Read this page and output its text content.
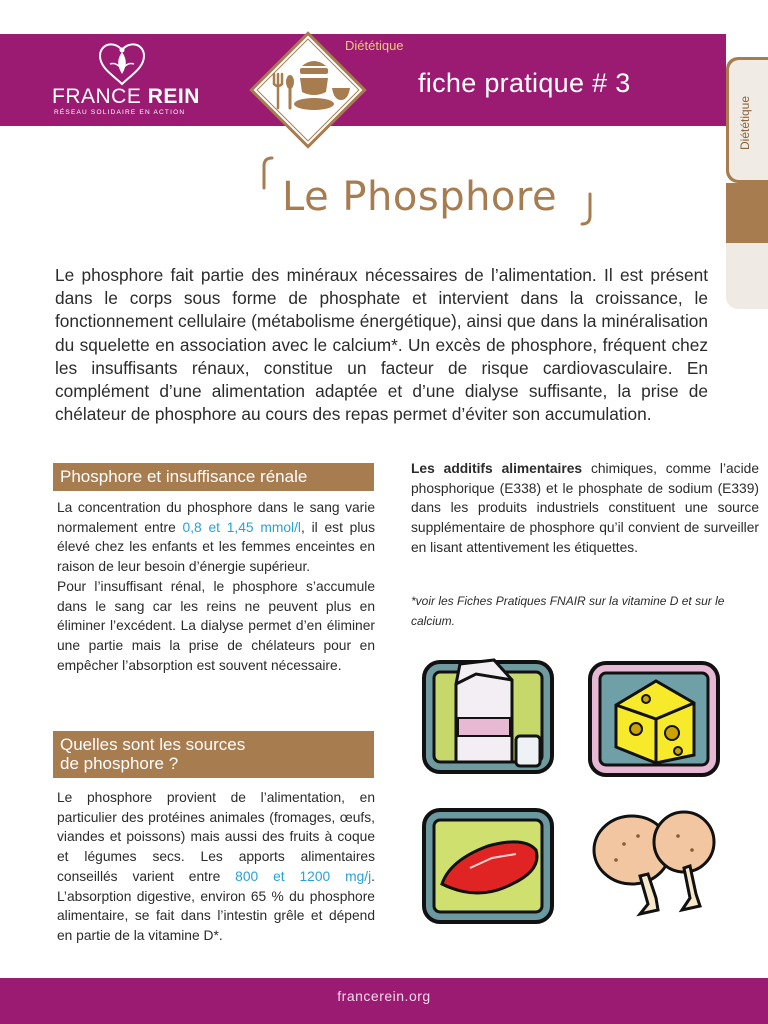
FRANCE REIN
RÉSEAU SOLIDAIRE EN ACTION
Diététique
fiche pratique # 3
Diététique
Le Phosphore
Le phosphore fait partie des minéraux nécessaires de l’alimentation. Il est présent dans le corps sous forme de phosphate et intervient dans la croissance, le fonctionnement cellulaire (métabolisme énergétique), ainsi que dans la minéralisation du squelette en association avec le calcium*. Un excès de phosphore, fréquent chez les insuffisants rénaux, constitue un facteur de risque cardiovasculaire. En complément d’une alimentation adaptée et d’une dialyse suffisante, la prise de chélateur de phosphore au cours des repas permet d’éviter son accumulation.
Phosphore et insuffisance rénale
La concentration du phosphore dans le sang varie normalement entre 0,8 et 1,45 mmol/l, il est plus élevé chez les enfants et les femmes enceintes en raison de leur besoin d’énergie supérieur.
Pour l’insuffisant rénal, le phosphore s’accumule dans le sang car les reins ne peuvent plus en éliminer l’excédent. La dialyse permet d’en éliminer une partie mais la prise de chélateurs pour en empêcher l’absorption est souvent nécessaire.
Quelles sont les sources
de phosphore ?
Le phosphore provient de l’alimentation, en particulier des protéines animales (fromages, œufs, viandes et poissons) mais aussi des fruits à coque et légumes secs. Les apports alimentaires conseillés varient entre 800 et 1200 mg/j. L’absorption digestive, environ 65 % du phosphore alimentaire, se fait dans l’intestin grêle et dépend en partie de la vitamine D*.
Les additifs alimentaires chimiques, comme l’acide phosphorique (E338) et le phosphate de sodium (E339) dans les produits industriels constituent une source supplémentaire de phosphore qu’il convient de surveiller en lisant attentivement les étiquettes.
*voir les Fiches Pratiques FNAIR sur la vitamine D et sur le calcium.
francerein.org
